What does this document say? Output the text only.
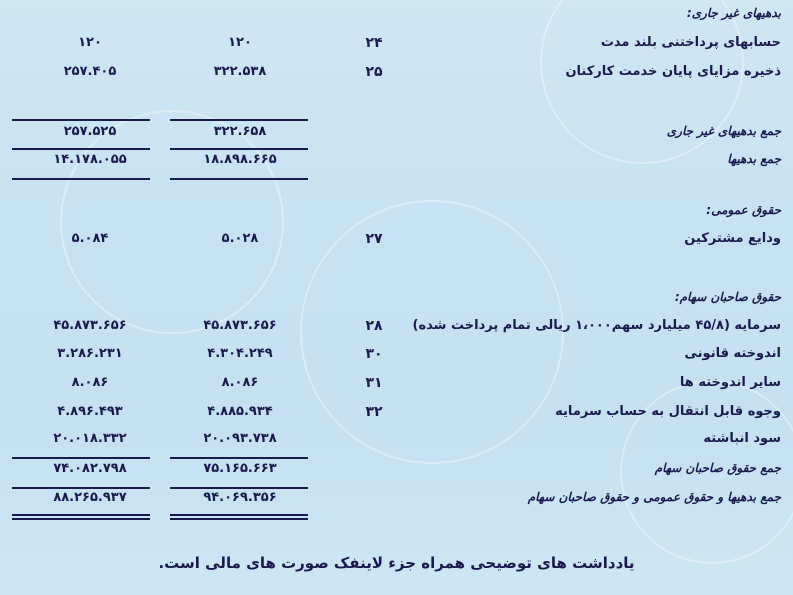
بدهیهای غیر جاری:
حسابهای پرداختنی بلند مدت
۲۴
۱۲۰
۱۲۰
ذخیره مزایای پایان خدمت کارکنان
۲۵
۳۲۲.۵۳۸
۲۵۷.۴۰۵
جمع بدهیهای غیر جاری
۳۲۲.۶۵۸
۲۵۷.۵۲۵
جمع بدهیها
۱۸.۸۹۸.۶۶۵
۱۴.۱۷۸.۰۵۵
حقوق عمومی:
ودایع مشترکین
۲۷
۵.۰۲۸
۵.۰۸۴
حقوق صاحبان سهام:
سرمایه (۴۵/۸ میلیارد سهم۱،۰۰۰ ریالی تمام پرداخت شده)
۲۸
۴۵.۸۷۳.۶۵۶
۴۵.۸۷۳.۶۵۶
اندوخته قانونی
۳۰
۴.۳۰۴.۲۴۹
۳.۲۸۶.۲۳۱
سایر اندوخته ها
۳۱
۸.۰۸۶
۸.۰۸۶
وجوه قابل انتقال به حساب سرمایه
۳۲
۴.۸۸۵.۹۳۴
۴.۸۹۶.۴۹۳
سود انباشته
۲۰.۰۹۳.۷۳۸
۲۰.۰۱۸.۳۳۲
جمع حقوق صاحبان سهام
۷۵.۱۶۵.۶۶۳
۷۴.۰۸۲.۷۹۸
جمع بدهیها و حقوق عمومی و حقوق صاحبان سهام
۹۴.۰۶۹.۳۵۶
۸۸.۲۶۵.۹۳۷
یادداشت های توضیحی همراه جزء لاینفک صورت های مالی است.
